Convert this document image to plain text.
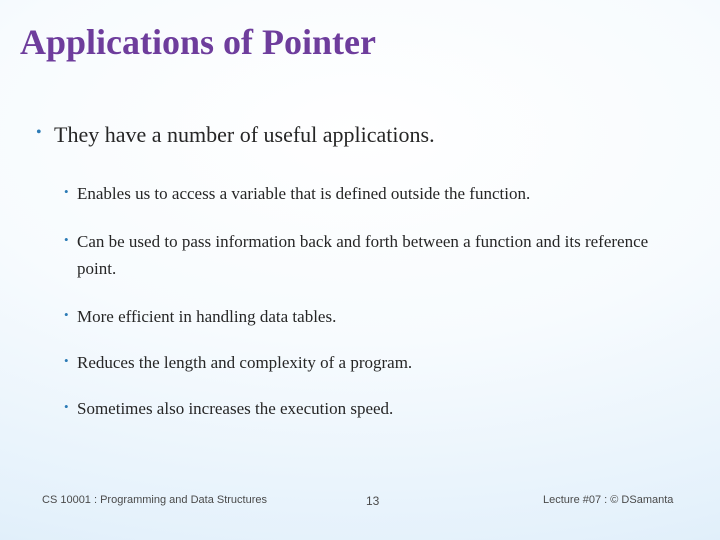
Applications of Pointer
• They have a number of useful applications.
• Enables us to access a variable that is defined outside the function.
• Can be used to pass information back and forth between a function and its reference point.
• More efficient in handling data tables.
• Reduces the length and complexity of a program.
• Sometimes also increases the execution speed.
CS 10001 : Programming and Data Structures	13	Lecture #07 : © DSamanta
